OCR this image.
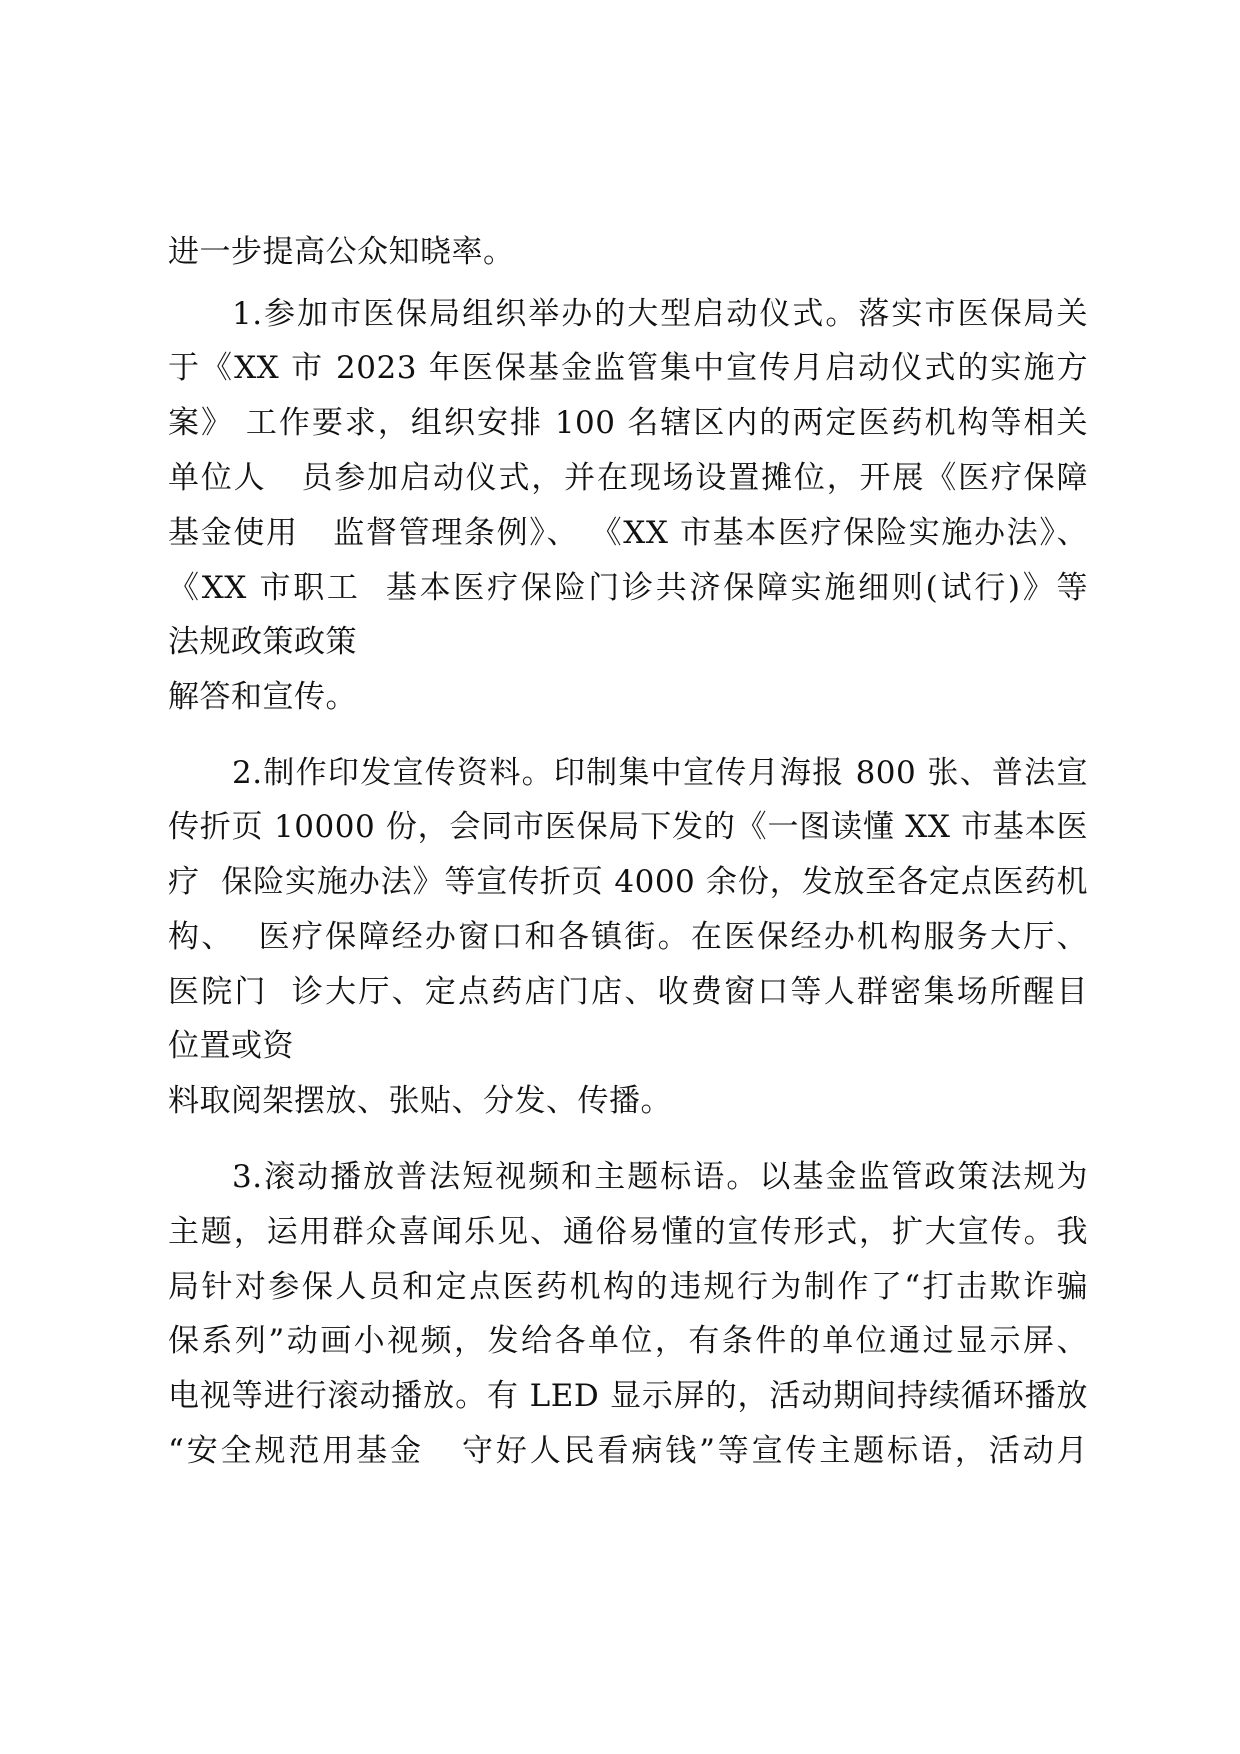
进一步提高公众知晓率。
1.参加市医保局组织举办的大型启动仪式。落实市医保局关
于《XX 市 2023 年医保基金监管集中宣传月启动仪式的实施方
案》 工作要求，组织安排 100 名辖区内的两定医药机构等相关
单位人   员参加启动仪式，并在现场设置摊位，开展《医疗保障
基金使用   监督管理条例》、 《XX 市基本医疗保险实施办法》、
《XX 市职工  基本医疗保险门诊共济保障实施细则(试行)》等
法规政策政策
解答和宣传。
2.制作印发宣传资料。印制集中宣传月海报 800 张、普法宣
传折页 10000 份，会同市医保局下发的《一图读懂 XX 市基本医
疗  保险实施办法》等宣传折页 4000 余份，发放至各定点医药机
构、  医疗保障经办窗口和各镇街。在医保经办机构服务大厅、
医院门  诊大厅、定点药店门店、收费窗口等人群密集场所醒目
位置或资
料取阅架摆放、张贴、分发、传播。
3.滚动播放普法短视频和主题标语。以基金监管政策法规为
主题，运用群众喜闻乐见、通俗易懂的宣传形式，扩大宣传。我
局针对参保人员和定点医药机构的违规行为制作了“打击欺诈骗
保系列”动画小视频，发给各单位，有条件的单位通过显示屏、
电视等进行滚动播放。有 LED 显示屏的，活动期间持续循环播放
“安全规范用基金   守好人民看病钱”等宣传主题标语，活动月
